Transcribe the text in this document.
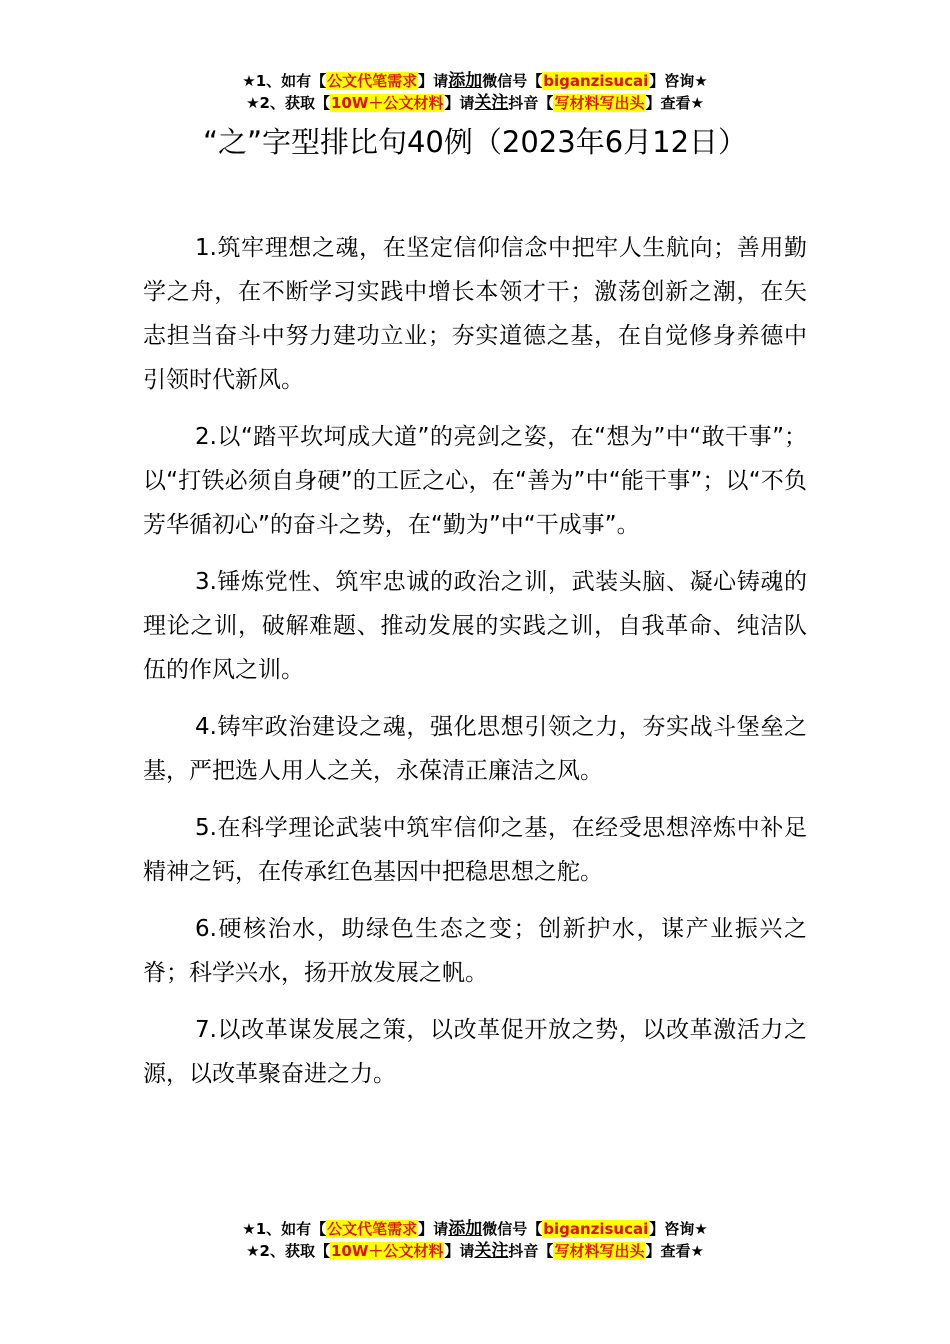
★1、如有【公文代笔需求】请添加微信号【biganzisucai】咨询★
★2、获取【10W＋公文材料】请关注抖音【写材料写出头】查看★
“之”字型排比句40例（2023年6月12日）

1.筑牢理想之魂，在坚定信仰信念中把牢人生航向；善用勤学之舟，在不断学习实践中增长本领才干；激荡创新之潮，在矢志担当奋斗中努力建功立业；夯实道德之基，在自觉修身养德中引领时代新风。

2.以“踏平坎坷成大道”的亮剑之姿，在“想为”中“敢干事”；以“打铁必须自身硬”的工匠之心，在“善为”中“能干事”；以“不负芳华循初心”的奋斗之势，在“勤为”中“干成事”。

3.锤炼党性、筑牢忠诚的政治之训，武装头脑、凝心铸魂的理论之训，破解难题、推动发展的实践之训，自我革命、纯洁队伍的作风之训。

4.铸牢政治建设之魂，强化思想引领之力，夯实战斗堡垒之基，严把选人用人之关，永葆清正廉洁之风。

5.在科学理论武装中筑牢信仰之基，在经受思想淬炼中补足精神之钙，在传承红色基因中把稳思想之舵。

6.硬核治水，助绿色生态之变；创新护水，谋产业振兴之脊；科学兴水，扬开放发展之帆。

7.以改革谋发展之策，以改革促开放之势，以改革激活力之源，以改革聚奋进之力。

★1、如有【公文代笔需求】请添加微信号【biganzisucai】咨询★
★2、获取【10W＋公文材料】请关注抖音【写材料写出头】查看★
